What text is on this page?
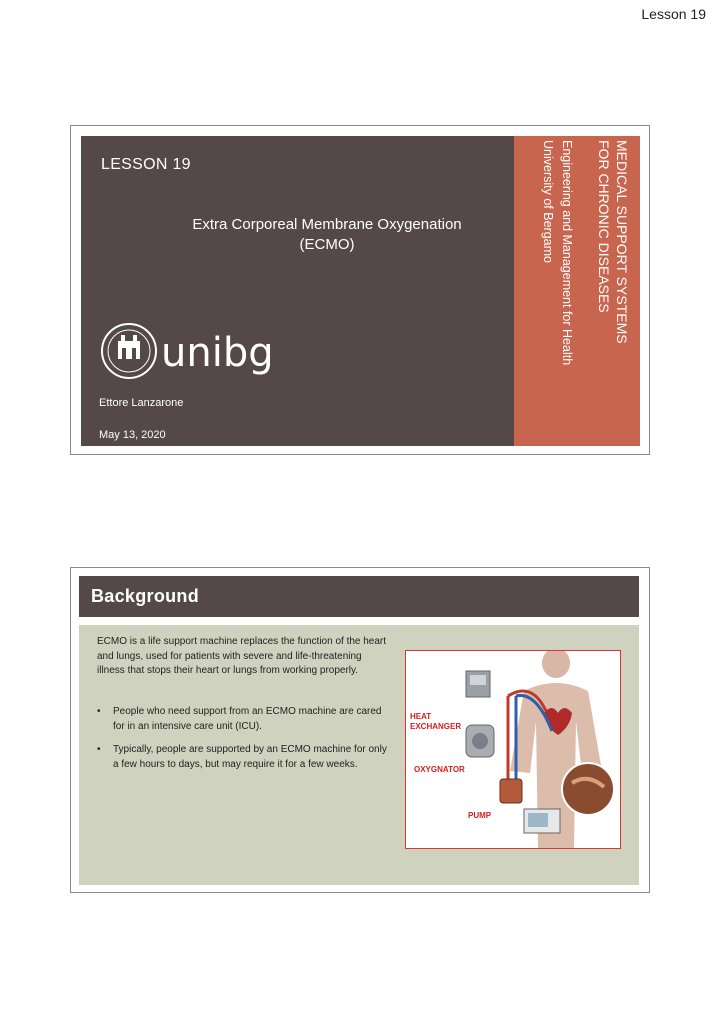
Lesson 19
LESSON 19
Extra Corporeal Membrane Oxygenation
(ECMO)
unibg
Ettore Lanzarone
May 13, 2020
MEDICAL SUPPORT SYSTEMS
FOR CHRONIC DISEASES
Engineering and Management for Health
University of Bergamo
Background

ECMO is a life support machine replaces the function of the heart and lungs, used for patients with severe and life-threatening illness that stops their heart or lungs from working properly.

• People who need support from an ECMO machine are cared for in an intensive care unit (ICU).
• Typically, people are supported by an ECMO machine for only a few hours to days, but may require it for a few weeks.
HEAT EXCHANGER
OXYGNATOR
PUMP
